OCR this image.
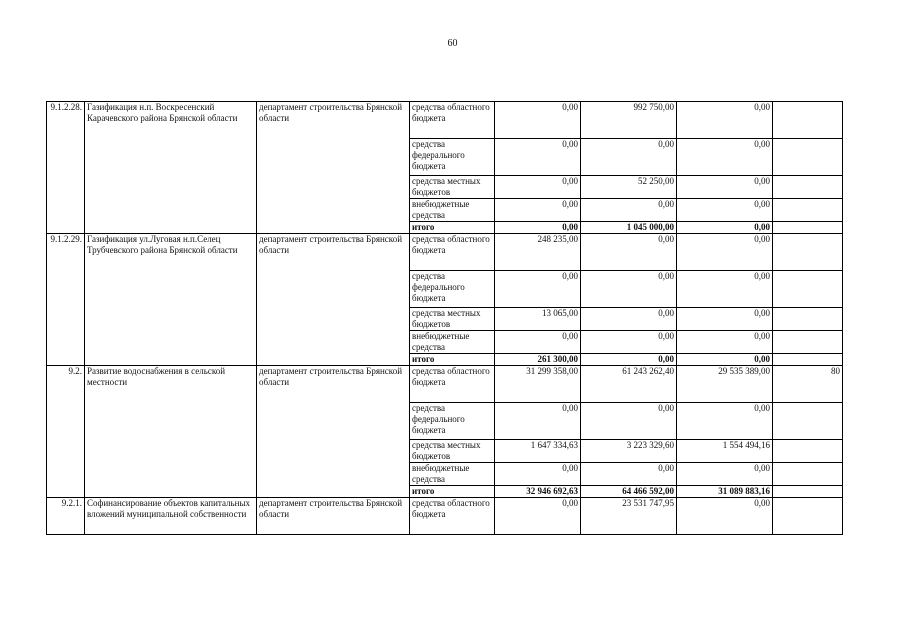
60
9.1.2.28.	Газификация н.п. Воскресенский Карачевского района Брянской области	департамент строительства Брянской области	средства областного бюджета	0,00	992 750,00	0,00	
			средства федерального бюджета	0,00	0,00	0,00	
			средства местных бюджетов	0,00	52 250,00	0,00	
			внебюджетные средства	0,00	0,00	0,00	
			итого	0,00	1 045 000,00	0,00	
9.1.2.29.	Газификация ул.Луговая н.п.Селец Трубчевского района Брянской области	департамент строительства Брянской области	средства областного бюджета	248 235,00	0,00	0,00	
			средства федерального бюджета	0,00	0,00	0,00	
			средства местных бюджетов	13 065,00	0,00	0,00	
			внебюджетные средства	0,00	0,00	0,00	
			итого	261 300,00	0,00	0,00	
9.2.	Развитие водоснабжения в сельской местности	департамент строительства Брянской области	средства областного бюджета	31 299 358,00	61 243 262,40	29 535 389,00	80
			средства федерального бюджета	0,00	0,00	0,00	
			средства местных бюджетов	1 647 334,63	3 223 329,60	1 554 494,16	
			внебюджетные средства	0,00	0,00	0,00	
			итого	32 946 692,63	64 466 592,00	31 089 883,16	
9.2.1.	Софинансирование объектов капитальных вложений муниципальной собственности	департамент строительства Брянской области	средства областного бюджета	0,00	23 531 747,95	0,00	
